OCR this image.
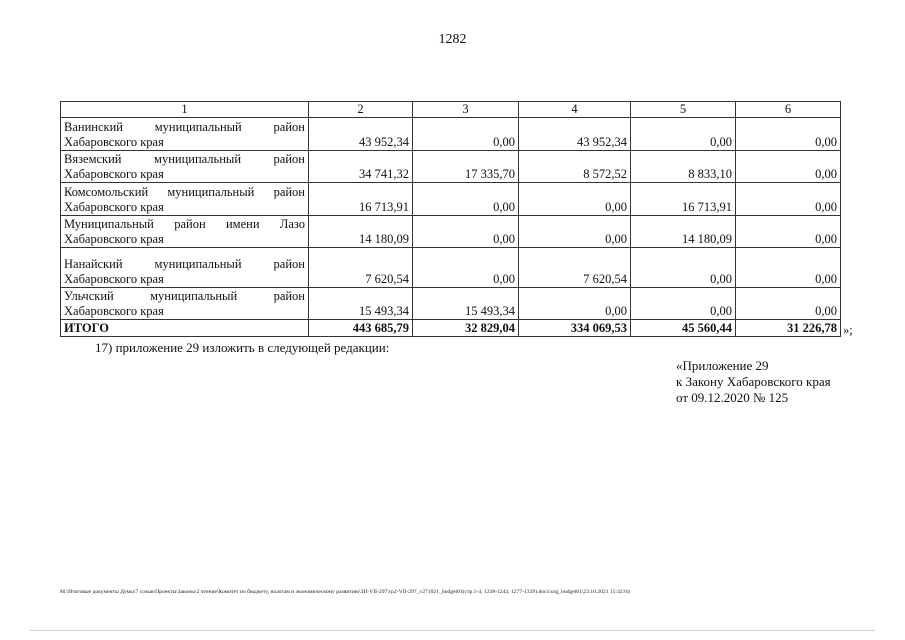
1282
1	2	3	4	5	6
Ванинский муниципальный район Хабаровского края	43 952,34	0,00	43 952,34	0,00	0,00
Вяземский муниципальный район Хабаровского края	34 741,32	17 335,70	8 572,52	8 833,10	0,00
Комсомольский муниципальный район Хабаровского края	16 713,91	0,00	0,00	16 713,91	0,00
Муниципальный район имени Лазо Хабаровского края	14 180,09	0,00	0,00	14 180,09	0,00
Нанайский муниципальный район Хабаровского края	7 620,54	0,00	7 620,54	0,00	0,00
Ульчский муниципальный район Хабаровского края	15 493,34	15 493,34	0,00	0,00	0,00
ИТОГО	443 685,79	32 829,04	334 069,53	45 560,44	31 226,78 »;
17) приложение 29 изложить в следующей редакции:
«Приложение 29
к Закону Хабаровского края
от 09.12.2020 № 125
M:\Итоговые документы Думы\7 созыв\Проекты\Законы\2 чтение\Комитет по бюджету, налогам и экономическому развитию\ЗП-VII-297\гр2-VII-297_v271021_budget01(стр.1-4, 1238-1243, 1277-1339).docx\org_budget01\23.10.2021 15:42:04
